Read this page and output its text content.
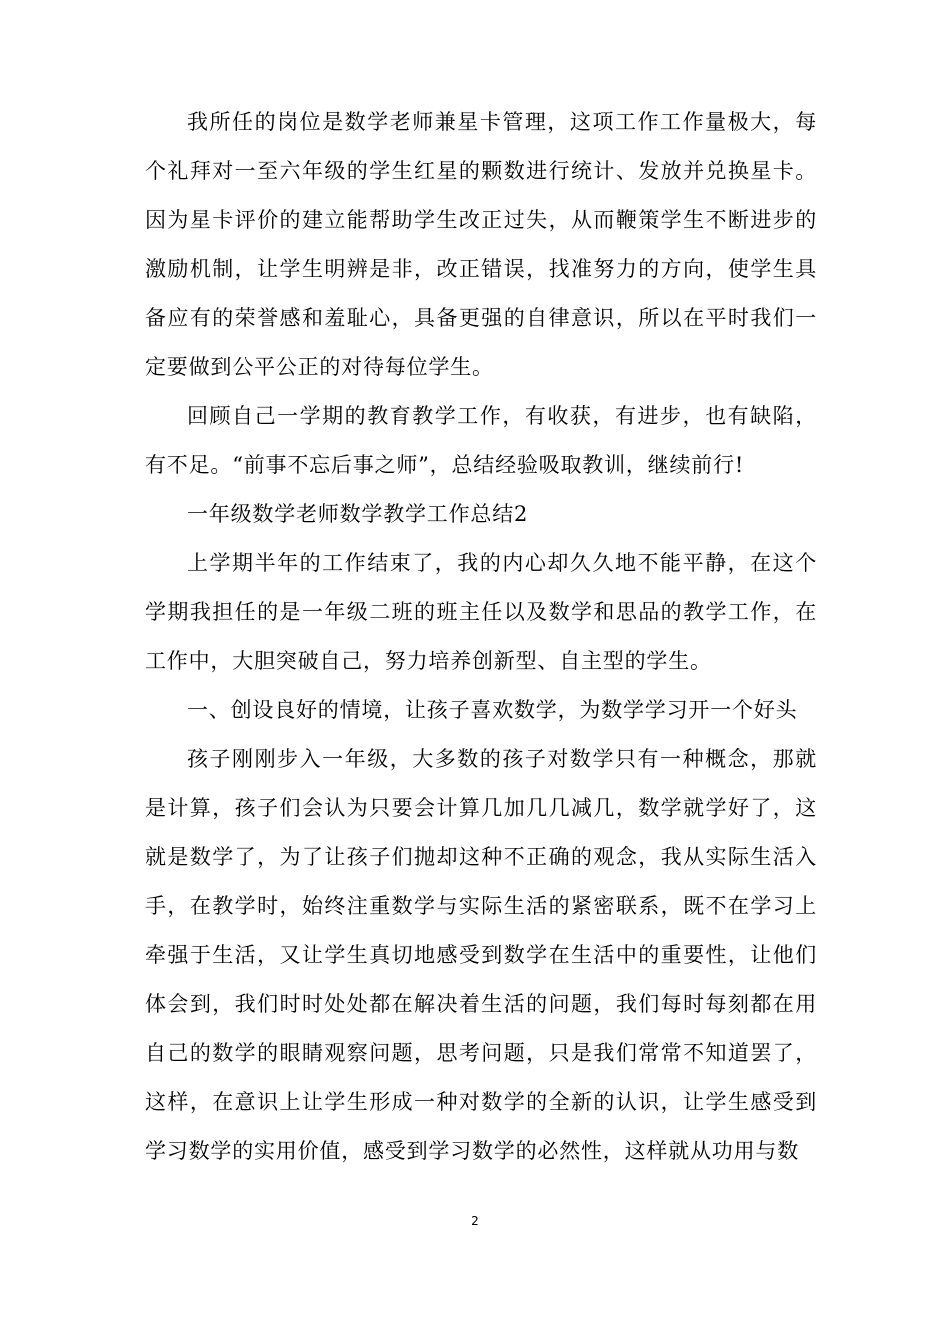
我所任的岗位是数学老师兼星卡管理，这项工作工作量极大，每个礼拜对一至六年级的学生红星的颗数进行统计、发放并兑换星卡。因为星卡评价的建立能帮助学生改正过失，从而鞭策学生不断进步的激励机制，让学生明辨是非，改正错误，找准努力的方向，使学生具备应有的荣誉感和羞耻心，具备更强的自律意识，所以在平时我们一定要做到公平公正的对待每位学生。

回顾自己一学期的教育教学工作，有收获，有进步，也有缺陷，有不足。“前事不忘后事之师”，总结经验吸取教训，继续前行!

一年级数学老师数学教学工作总结2

上学期半年的工作结束了，我的内心却久久地不能平静，在这个学期我担任的是一年级二班的班主任以及数学和思品的教学工作，在工作中，大胆突破自己，努力培养创新型、自主型的学生。

一、创设良好的情境，让孩子喜欢数学，为数学学习开一个好头

孩子刚刚步入一年级，大多数的孩子对数学只有一种概念，那就是计算，孩子们会认为只要会计算几加几几减几，数学就学好了，这就是数学了，为了让孩子们抛却这种不正确的观念，我从实际生活入手，在教学时，始终注重数学与实际生活的紧密联系，既不在学习上牵强于生活，又让学生真切地感受到数学在生活中的重要性，让他们体会到，我们时时处处都在解决着生活的问题，我们每时每刻都在用自己的数学的眼睛观察问题，思考问题，只是我们常常不知道罢了，这样，在意识上让学生形成一种对数学的全新的认识，让学生感受到学习数学的实用价值，感受到学习数学的必然性，这样就从功用与数

2
